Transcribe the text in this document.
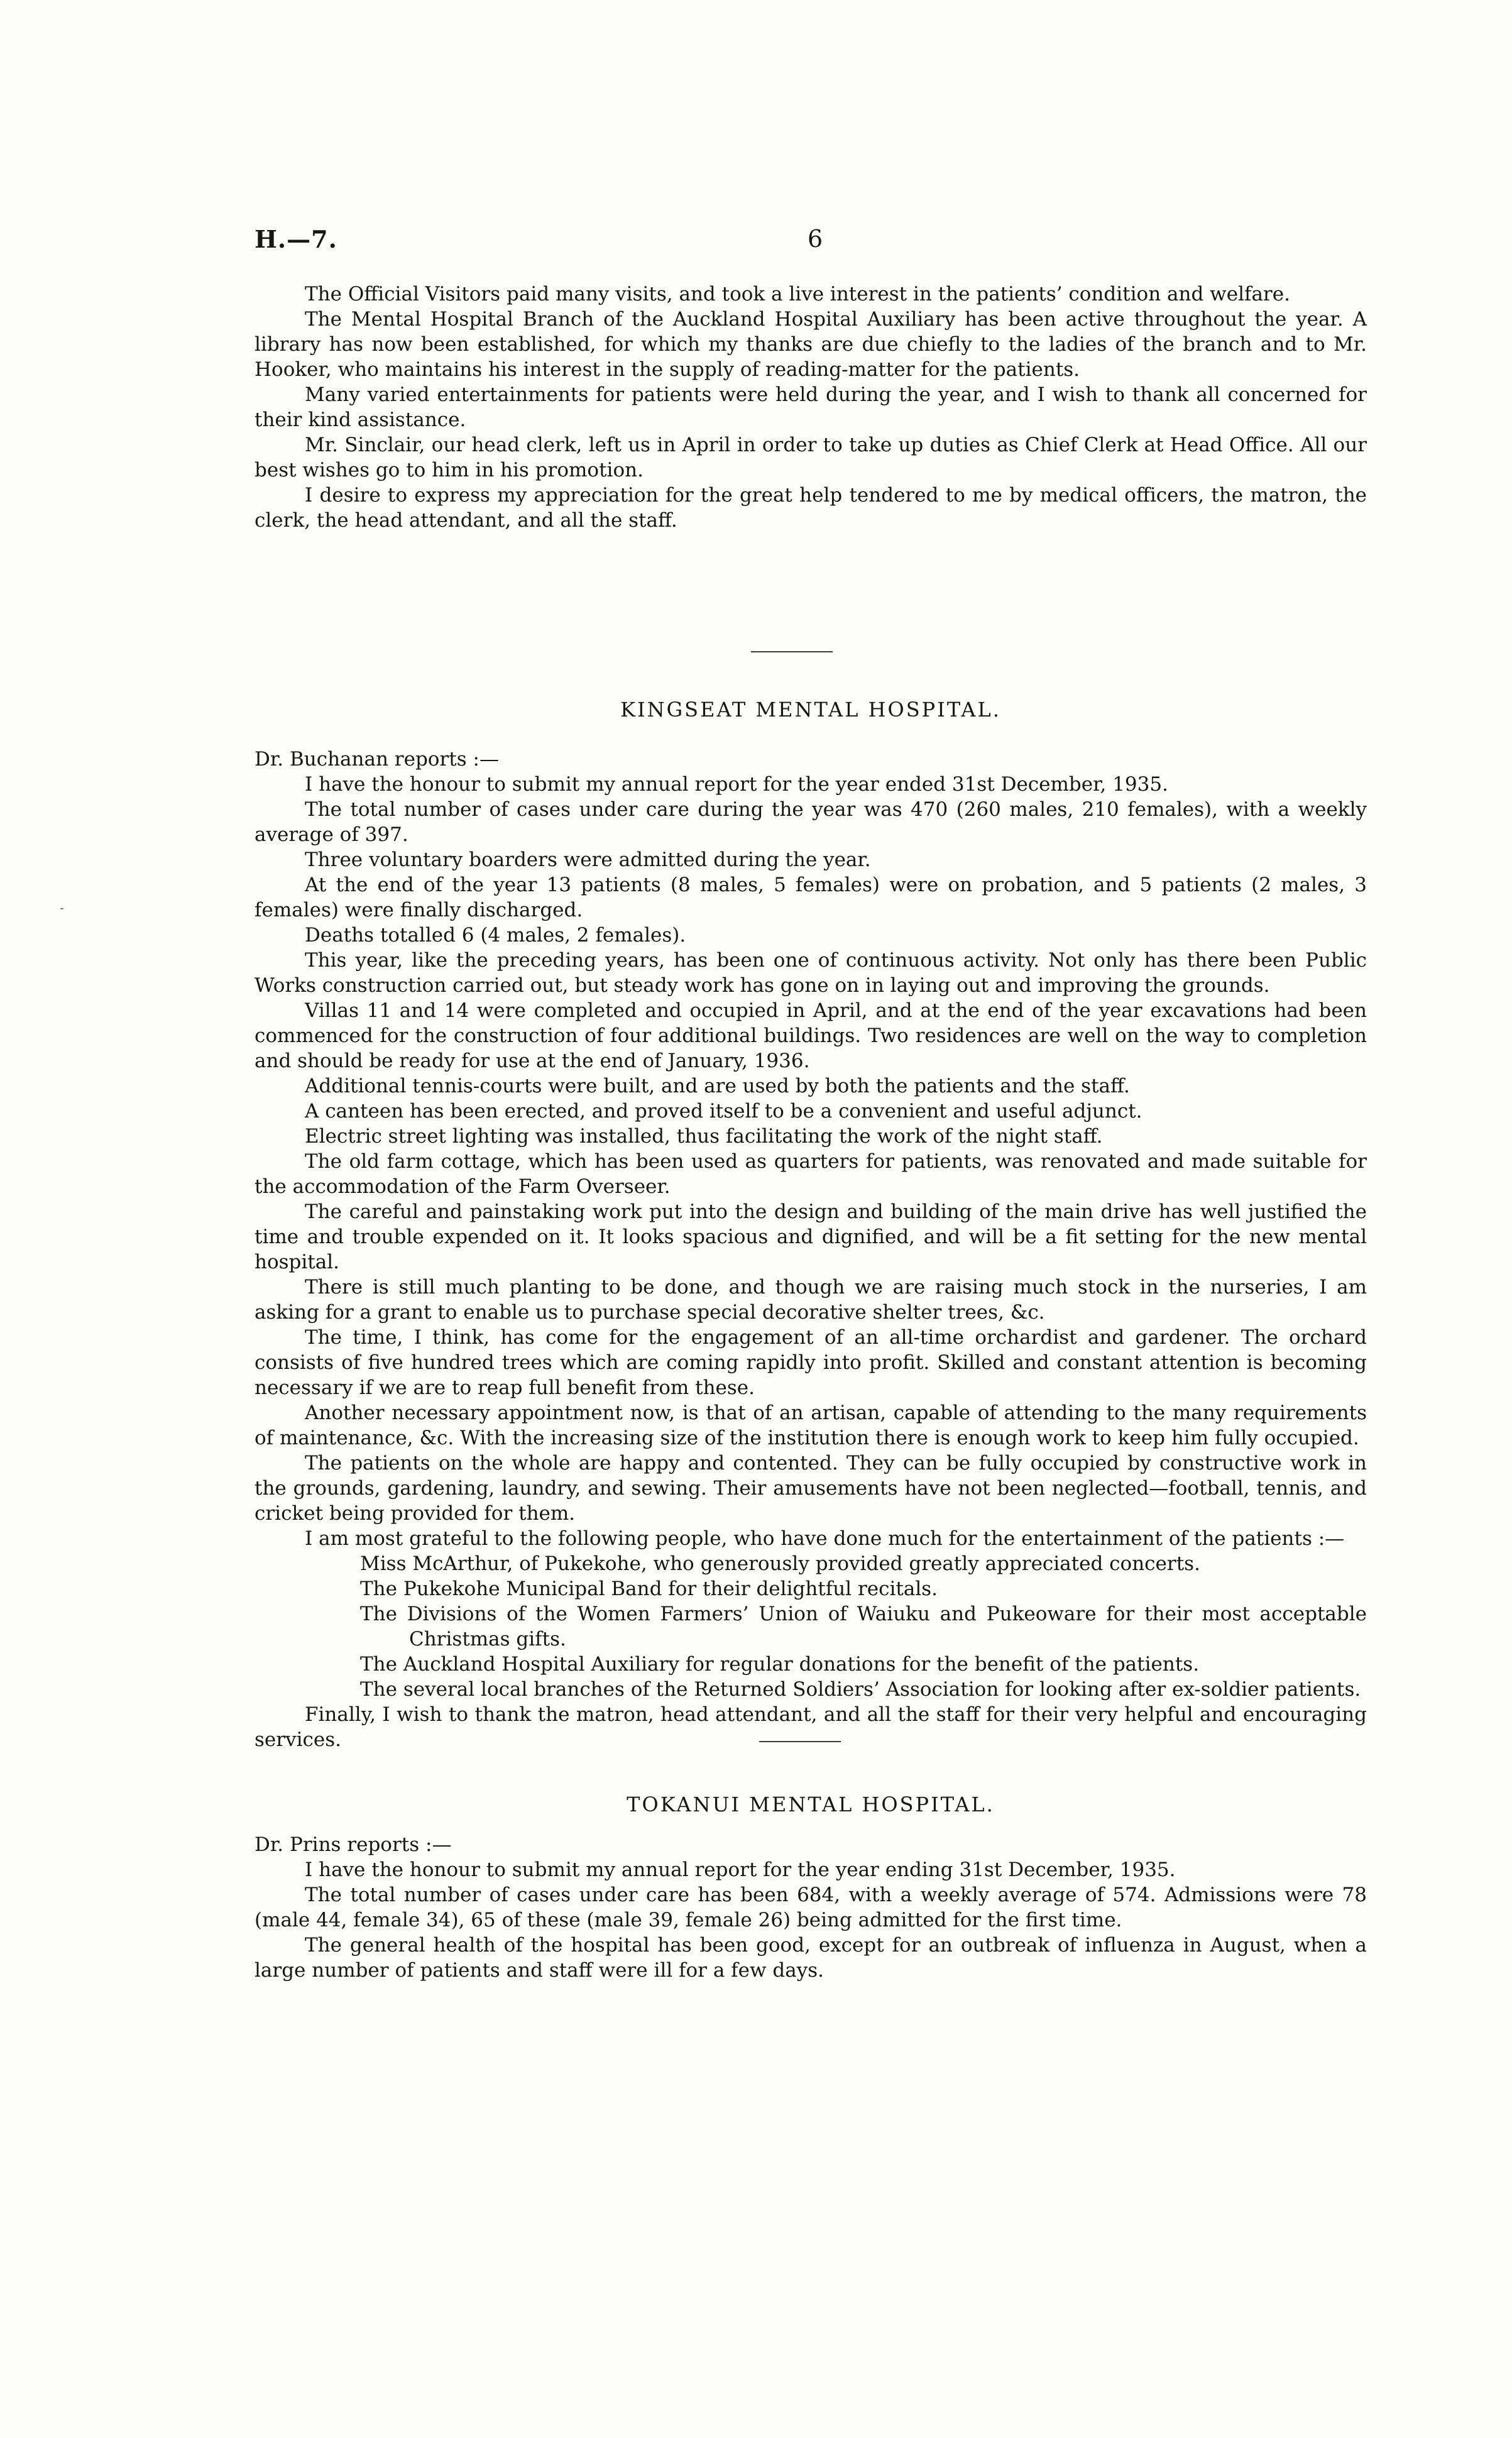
H.—7.	6
-

The Official Visitors paid many visits, and took a live interest in the patients’ condition and welfare.

The Mental Hospital Branch of the Auckland Hospital Auxiliary has been active throughout the year. A library has now been established, for which my thanks are due chiefly to the ladies of the branch and to Mr. Hooker, who maintains his interest in the supply of reading-matter for the patients.

Many varied entertainments for patients were held during the year, and I wish to thank all concerned for their kind assistance.

Mr. Sinclair, our head clerk, left us in April in order to take up duties as Chief Clerk at Head Office. All our best wishes go to him in his promotion.

I desire to express my appreciation for the great help tendered to me by medical officers, the matron, the clerk, the head attendant, and all the staff.

KINGSEAT MENTAL HOSPITAL.

Dr. Buchanan reports :—

I have the honour to submit my annual report for the year ended 31st December, 1935.

The total number of cases under care during the year was 470 (260 males, 210 females), with a weekly average of 397.

Three voluntary boarders were admitted during the year.

At the end of the year 13 patients (8 males, 5 females) were on probation, and 5 patients (2 males, 3 females) were finally discharged.

Deaths totalled 6 (4 males, 2 females).

This year, like the preceding years, has been one of continuous activity. Not only has there been Public Works construction carried out, but steady work has gone on in laying out and improving the grounds.

Villas 11 and 14 were completed and occupied in April, and at the end of the year excavations had been commenced for the construction of four additional buildings. Two residences are well on the way to completion and should be ready for use at the end of January, 1936.

Additional tennis-courts were built, and are used by both the patients and the staff.

A canteen has been erected, and proved itself to be a convenient and useful adjunct.

Electric street lighting was installed, thus facilitating the work of the night staff.

The old farm cottage, which has been used as quarters for patients, was renovated and made suitable for the accommodation of the Farm Overseer.

The careful and painstaking work put into the design and building of the main drive has well justified the time and trouble expended on it. It looks spacious and dignified, and will be a fit setting for the new mental hospital.

There is still much planting to be done, and though we are raising much stock in the nurseries, I am asking for a grant to enable us to purchase special decorative shelter trees, &c.

The time, I think, has come for the engagement of an all-time orchardist and gardener. The orchard consists of five hundred trees which are coming rapidly into profit. Skilled and constant attention is becoming necessary if we are to reap full benefit from these.

Another necessary appointment now, is that of an artisan, capable of attending to the many requirements of maintenance, &c. With the increasing size of the institution there is enough work to keep him fully occupied.

The patients on the whole are happy and contented. They can be fully occupied by constructive work in the grounds, gardening, laundry, and sewing. Their amusements have not been neglected—football, tennis, and cricket being provided for them.

I am most grateful to the following people, who have done much for the entertainment of the patients :—

Miss McArthur, of Pukekohe, who generously provided greatly appreciated concerts.

The Pukekohe Municipal Band for their delightful recitals.

The Divisions of the Women Farmers’ Union of Waiuku and Pukeoware for their most acceptable Christmas gifts.

The Auckland Hospital Auxiliary for regular donations for the benefit of the patients.

The several local branches of the Returned Soldiers’ Association for looking after ex-soldier patients.

Finally, I wish to thank the matron, head attendant, and all the staff for their very helpful and encouraging services.

TOKANUI MENTAL HOSPITAL.

Dr. Prins reports :—

I have the honour to submit my annual report for the year ending 31st December, 1935.

The total number of cases under care has been 684, with a weekly average of 574. Admissions were 78 (male 44, female 34), 65 of these (male 39, female 26) being admitted for the first time.

The general health of the hospital has been good, except for an outbreak of influenza in August, when a large number of patients and staff were ill for a few days.
